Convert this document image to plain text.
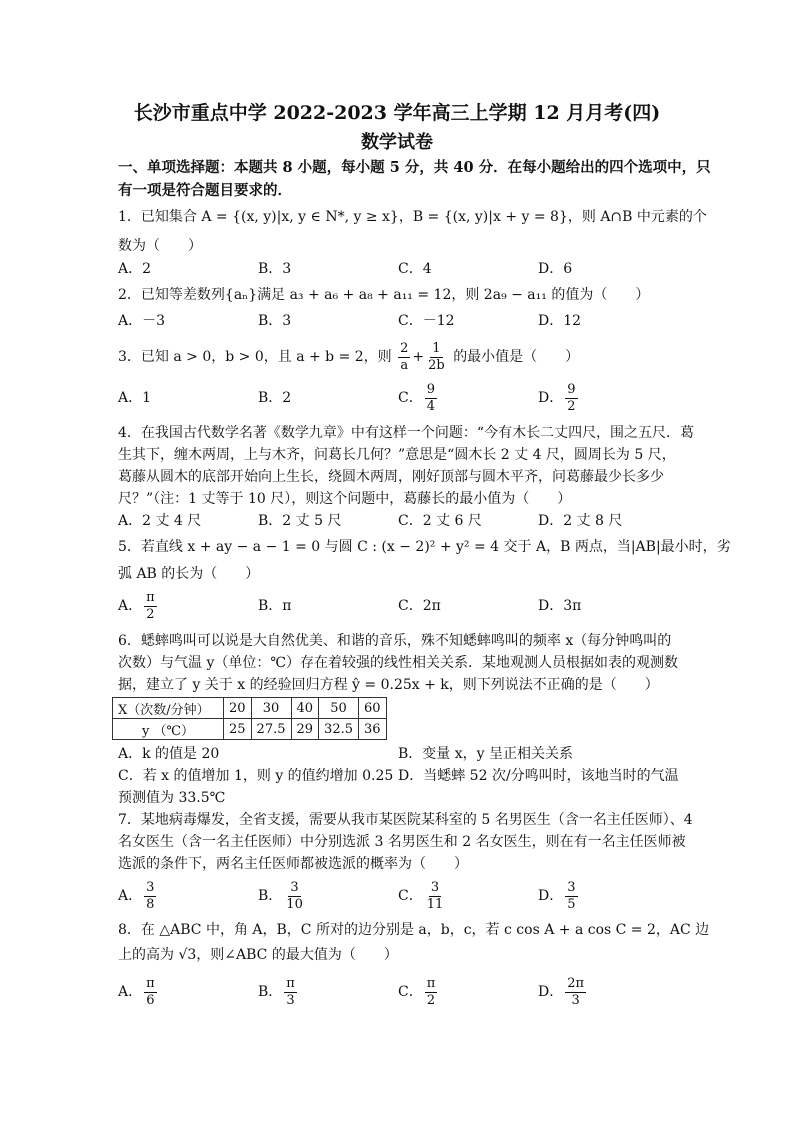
长沙市重点中学 2022-2023 学年高三上学期 12 月月考(四)
数学试卷
一、单项选择题：本题共 8 小题，每小题 5 分，共 40 分．在每小题给出的四个选项中，只
有一项是符合题目要求的．
1．已知集合 A = {(x, y)|x, y ∈ N*, y ≥ x}，B = {(x, y)|x + y = 8}，则 A∩B 中元素的个
数为（　　）
A．2	B．3	C．4	D．6
2．已知等差数列{aₙ}满足 a₃ + a₆ + a₈ + a₁₁ = 12，则 2a₉ − a₁₁ 的值为（　　）
A．－3	B．3	C．－12	D．12
3．已知 a > 0，b > 0，且 a + b = 2，则 $\frac{2}{a} + \frac{1}{2b}$ 的最小值是（　　）
A．1	B．2	C． $\frac{9}{4}$	D． $\frac{9}{2}$
4．在我国古代数学名著《数学九章》中有这样一个问题：“今有木长二丈四尺，围之五尺．葛
生其下，缠木两周，上与木齐，问葛长几何？”意思是“圆木长 2 丈 4 尺，圆周长为 5 尺，
葛藤从圆木的底部开始向上生长，绕圆木两周，刚好顶部与圆木平齐，问葛藤最少长多少
尺？”（注：1 丈等于 10 尺），则这个问题中，葛藤长的最小值为（　　）
A．2 丈 4 尺	B．2 丈 5 尺	C．2 丈 6 尺	D．2 丈 8 尺
5．若直线 x + ay − a − 1 = 0 与圆 C : (x − 2)² + y² = 4 交于 A，B 两点，当|AB|最小时，劣
弧 AB 的长为（　　）
A． $\frac{\pi}{2}$	B．π	C．2π	D．3π
6．蟋蟀鸣叫可以说是大自然优美、和谐的音乐，殊不知蟋蟀鸣叫的频率 x（每分钟鸣叫的
次数）与气温 y（单位：℃）存在着较强的线性相关关系．某地观测人员根据如表的观测数
据，建立了 y 关于 x 的经验回归方程 ŷ = 0.25x + k，则下列说法不正确的是（　　）
X（次数/分钟）	20	30	40	50	60
y （℃）	25	27.5	29	32.5	36
A．k 的值是 20	B．变量 x，y 呈正相关关系
C．若 x 的值增加 1，则 y 的值约增加 0.25 D．当蟋蟀 52 次/分鸣叫时，该地当时的气温
预测值为 33.5℃
7．某地病毒爆发，全省支援，需要从我市某医院某科室的 5 名男医生（含一名主任医师）、4
名女医生（含一名主任医师）中分别选派 3 名男医生和 2 名女医生，则在有一名主任医师被
选派的条件下，两名主任医师都被选派的概率为（　　）
A． $\frac{3}{8}$	B． $\frac{3}{10}$	C． $\frac{3}{11}$	D． $\frac{3}{5}$
8．在 △ABC 中，角 A，B，C 所对的边分别是 a，b，c，若 c cos A + a cos C = 2，AC 边
上的高为 √3，则∠ABC 的最大值为（　　）
A． $\frac{\pi}{6}$	B． $\frac{\pi}{3}$	C． $\frac{\pi}{2}$	D． $\frac{2\pi}{3}$
